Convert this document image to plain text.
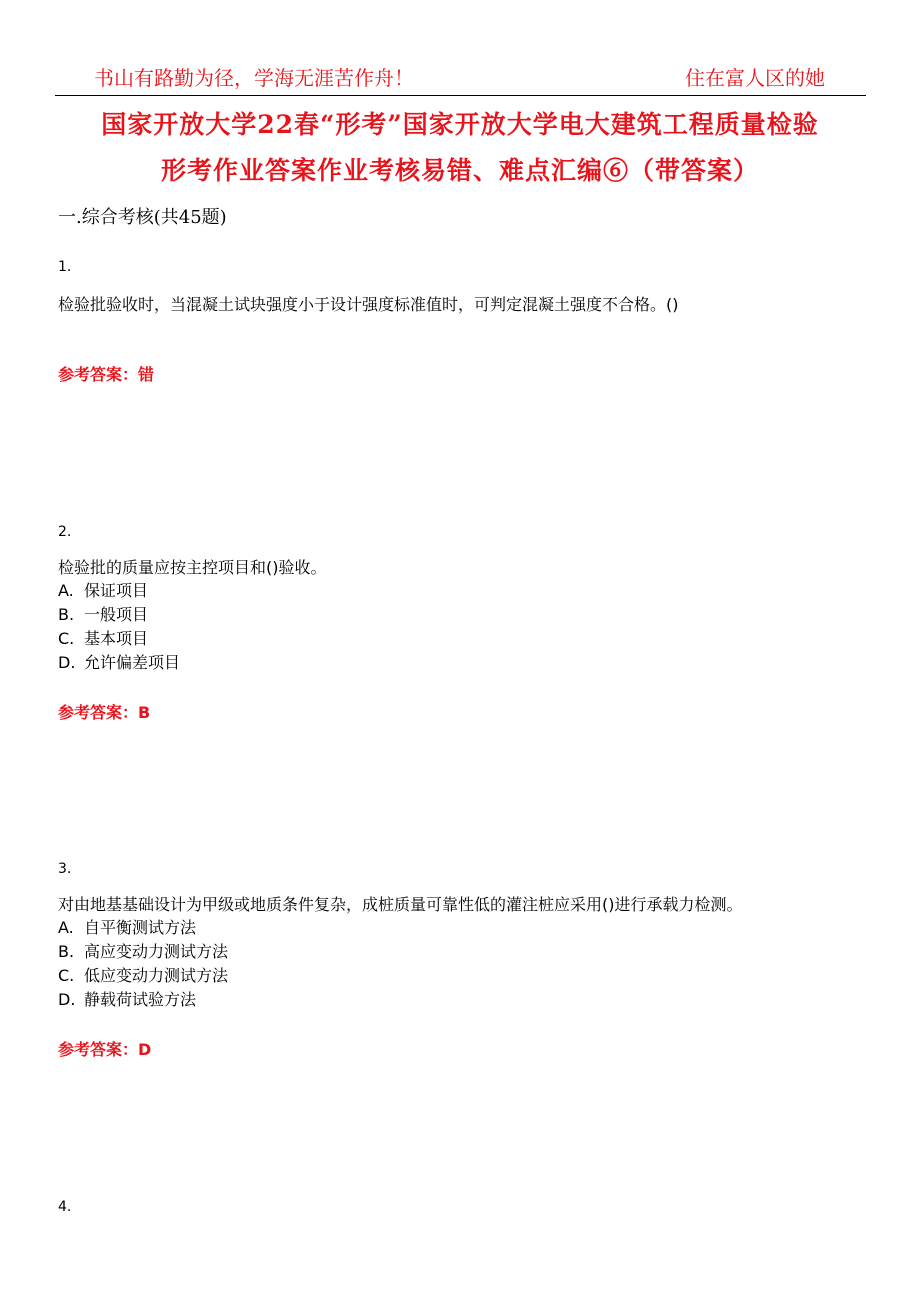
书山有路勤为径，学海无涯苦作舟！	住在富人区的她
国家开放大学22春“形考”国家开放大学电大建筑工程质量检验
形考作业答案作业考核易错、难点汇编⑥（带答案）
一.综合考核(共45题)
1.
检验批验收时，当混凝土试块强度小于设计强度标准值时，可判定混凝土强度不合格。()
参考答案：错
2.
检验批的质量应按主控项目和()验收。
A. 保证项目
B. 一般项目
C. 基本项目
D. 允许偏差项目
参考答案：B
3.
对由地基基础设计为甲级或地质条件复杂，成桩质量可靠性低的灌注桩应采用()进行承载力检测。
A. 自平衡测试方法
B. 高应变动力测试方法
C. 低应变动力测试方法
D. 静载荷试验方法
参考答案：D
4.
